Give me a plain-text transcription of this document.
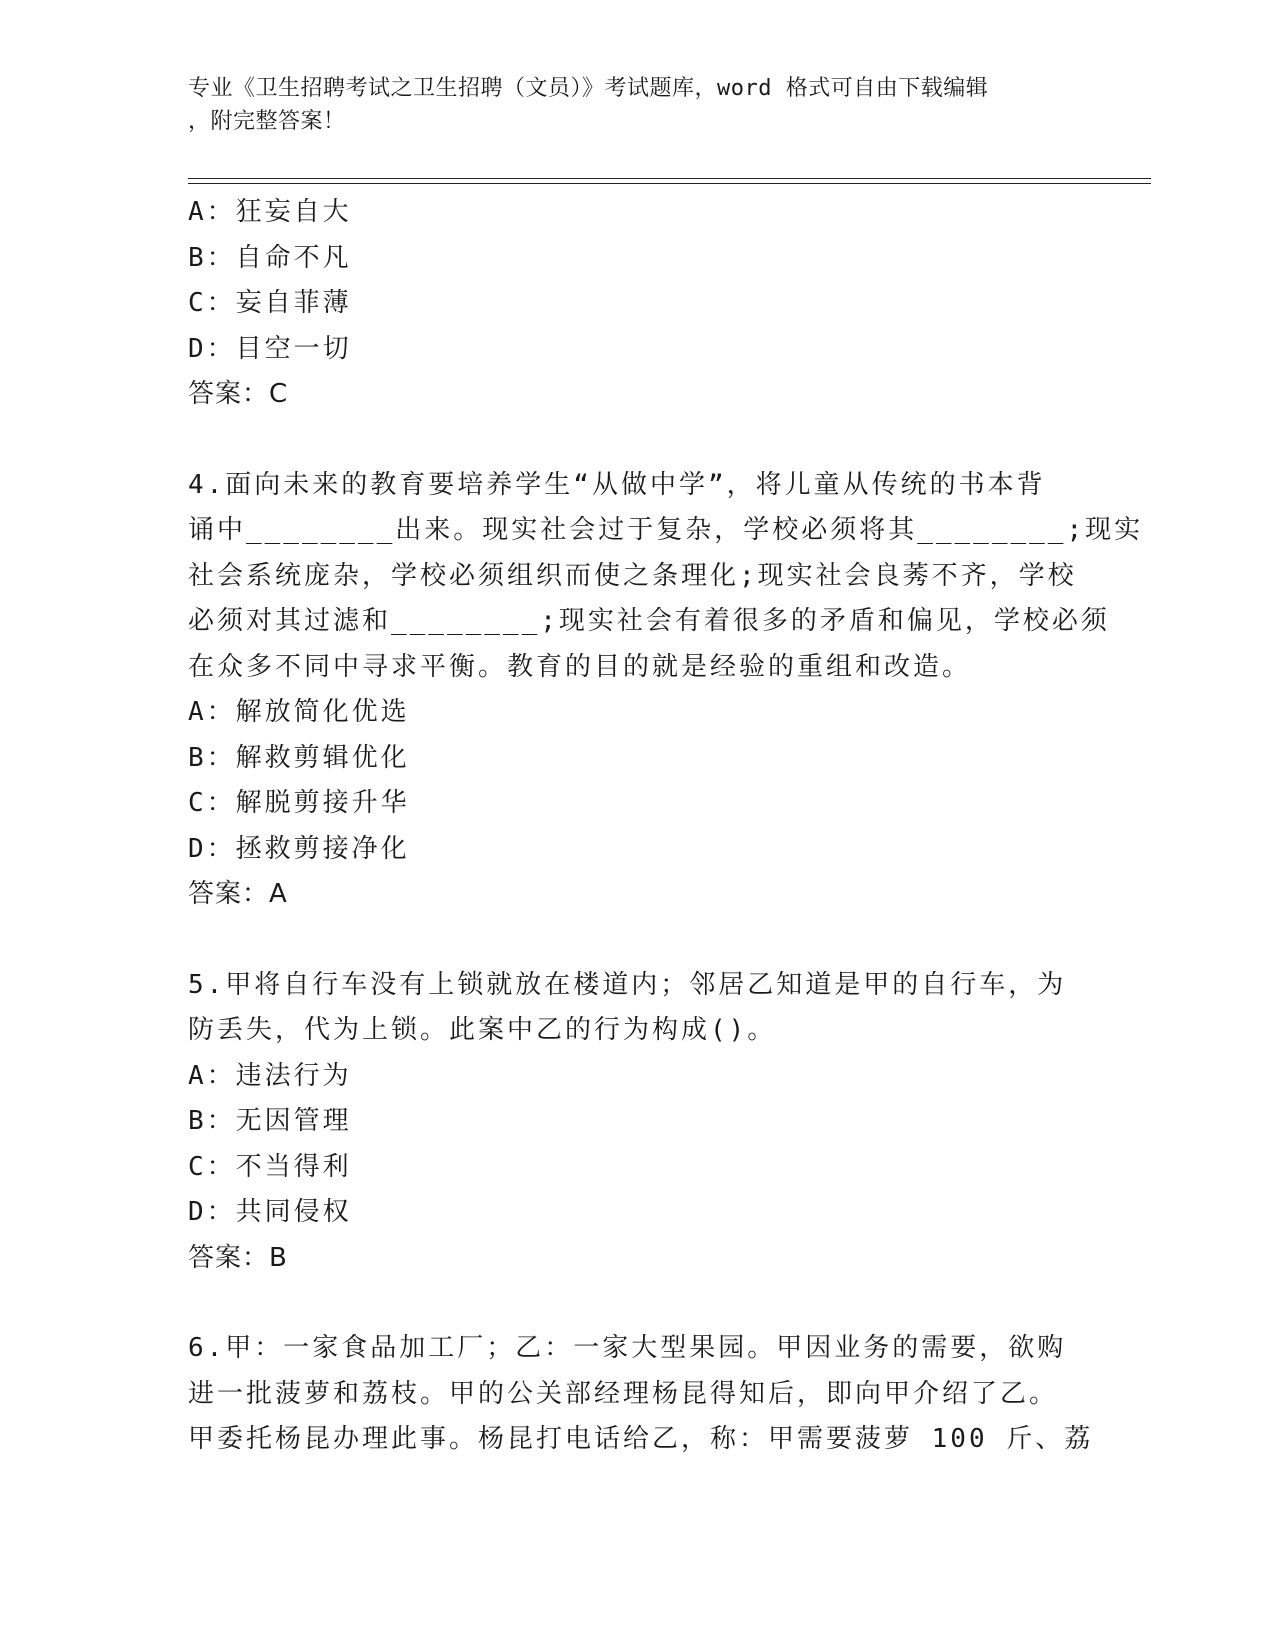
专业《卫生招聘考试之卫生招聘（文员）》考试题库，word 格式可自由下载编辑
，附完整答案！
A：狂妄自大
B：自命不凡
C：妄自菲薄
D：目空一切
答案：C
4.面向未来的教育要培养学生“从做中学”，将儿童从传统的书本背
诵中________出来。现实社会过于复杂，学校必须将其________;现实
社会系统庞杂，学校必须组织而使之条理化;现实社会良莠不齐，学校
必须对其过滤和________;现实社会有着很多的矛盾和偏见，学校必须
在众多不同中寻求平衡。教育的目的就是经验的重组和改造。
A：解放简化优选
B：解救剪辑优化
C：解脱剪接升华
D：拯救剪接净化
答案：A
5.甲将自行车没有上锁就放在楼道内；邻居乙知道是甲的自行车，为
防丢失，代为上锁。此案中乙的行为构成()。
A：违法行为
B：无因管理
C：不当得利
D：共同侵权
答案：B
6.甲：一家食品加工厂；乙：一家大型果园。甲因业务的需要，欲购
进一批菠萝和荔枝。甲的公关部经理杨昆得知后，即向甲介绍了乙。
甲委托杨昆办理此事。杨昆打电话给乙，称：甲需要菠萝 100 斤、荔
